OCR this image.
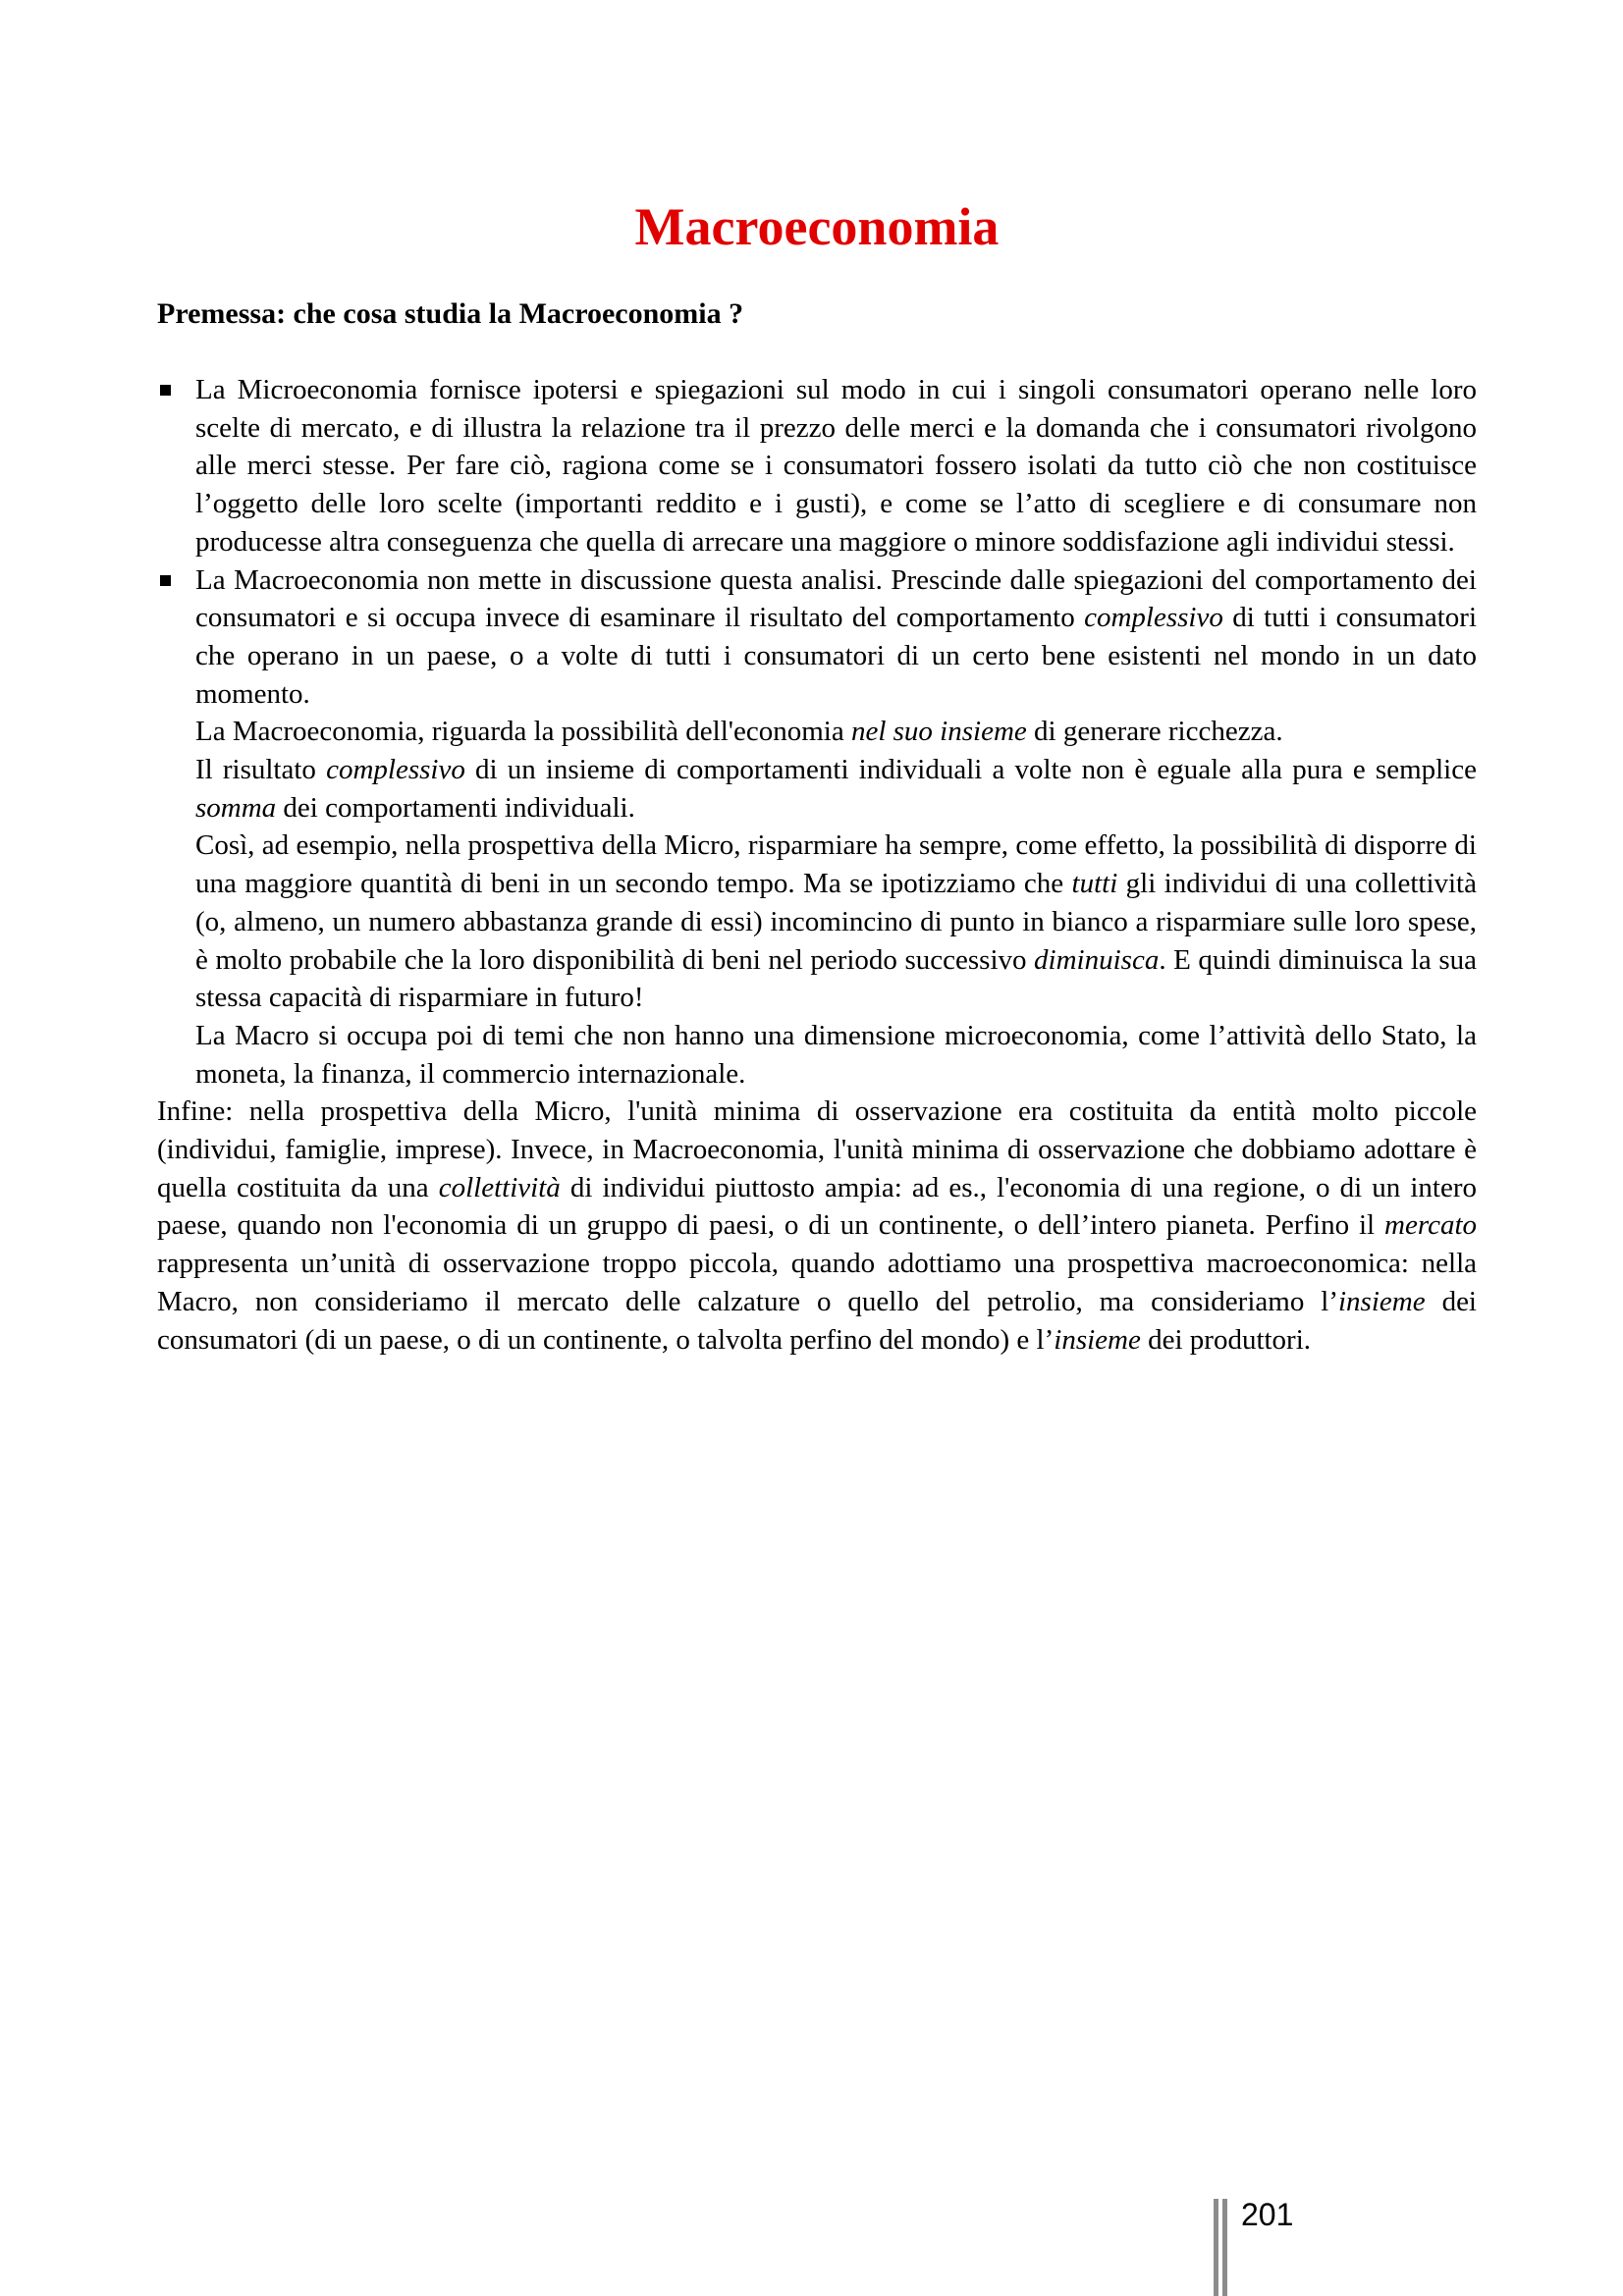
Macroeconomia
Premessa: che cosa studia la Macroeconomia ?

La Microeconomia fornisce ipotersi e spiegazioni sul modo in cui i singoli consumatori operano nelle loro scelte di mercato, e di illustra la relazione tra il prezzo delle merci e la domanda che i consumatori rivolgono alle merci stesse. Per fare ciò, ragiona come se i consumatori fossero isolati da tutto ciò che non costituisce l’oggetto delle loro scelte (importanti reddito e i gusti), e come se l’atto di scegliere e di consumare non producesse altra conseguenza che quella di arrecare una maggiore o minore soddisfazione agli individui stessi.

La Macroeconomia non mette in discussione questa analisi. Prescinde dalle spiegazioni del comportamento dei consumatori e si occupa invece di esaminare il risultato del comportamento complessivo di tutti i consumatori che operano in un paese, o a volte di tutti i consumatori di un certo bene esistenti nel mondo in un dato momento.

La Macroeconomia, riguarda la possibilità dell'economia nel suo insieme di generare ricchezza.

Il risultato complessivo di un insieme di comportamenti individuali a volte non è eguale alla pura e semplice somma dei comportamenti individuali.

Così, ad esempio, nella prospettiva della Micro, risparmiare ha sempre, come effetto, la possibilità di disporre di una maggiore quantità di beni in un secondo tempo. Ma se ipotizziamo che tutti gli individui di una collettività (o, almeno, un numero abbastanza grande di essi) incomincino di punto in bianco a risparmiare sulle loro spese, è molto probabile che la loro disponibilità di beni nel periodo successivo diminuisca. E quindi diminuisca la sua stessa capacità di risparmiare in futuro!

La Macro si occupa poi di temi che non hanno una dimensione microeconomia, come l’attività dello Stato, la moneta, la finanza, il commercio internazionale.

Infine: nella prospettiva della Micro, l'unità minima di osservazione era costituita da entità molto piccole (individui, famiglie, imprese). Invece, in Macroeconomia, l'unità minima di osservazione che dobbiamo adottare è quella costituita da una collettività di individui piuttosto ampia: ad es., l'economia di una regione, o di un intero paese, quando non l'economia di un gruppo di paesi, o di un continente, o dell’intero pianeta. Perfino il mercato rappresenta un’unità di osservazione troppo piccola, quando adottiamo una prospettiva macroeconomica: nella Macro, non consideriamo il mercato delle calzature o quello del petrolio, ma consideriamo l’insieme dei consumatori (di un paese, o di un continente, o talvolta perfino del mondo) e l’insieme dei produttori.

201
